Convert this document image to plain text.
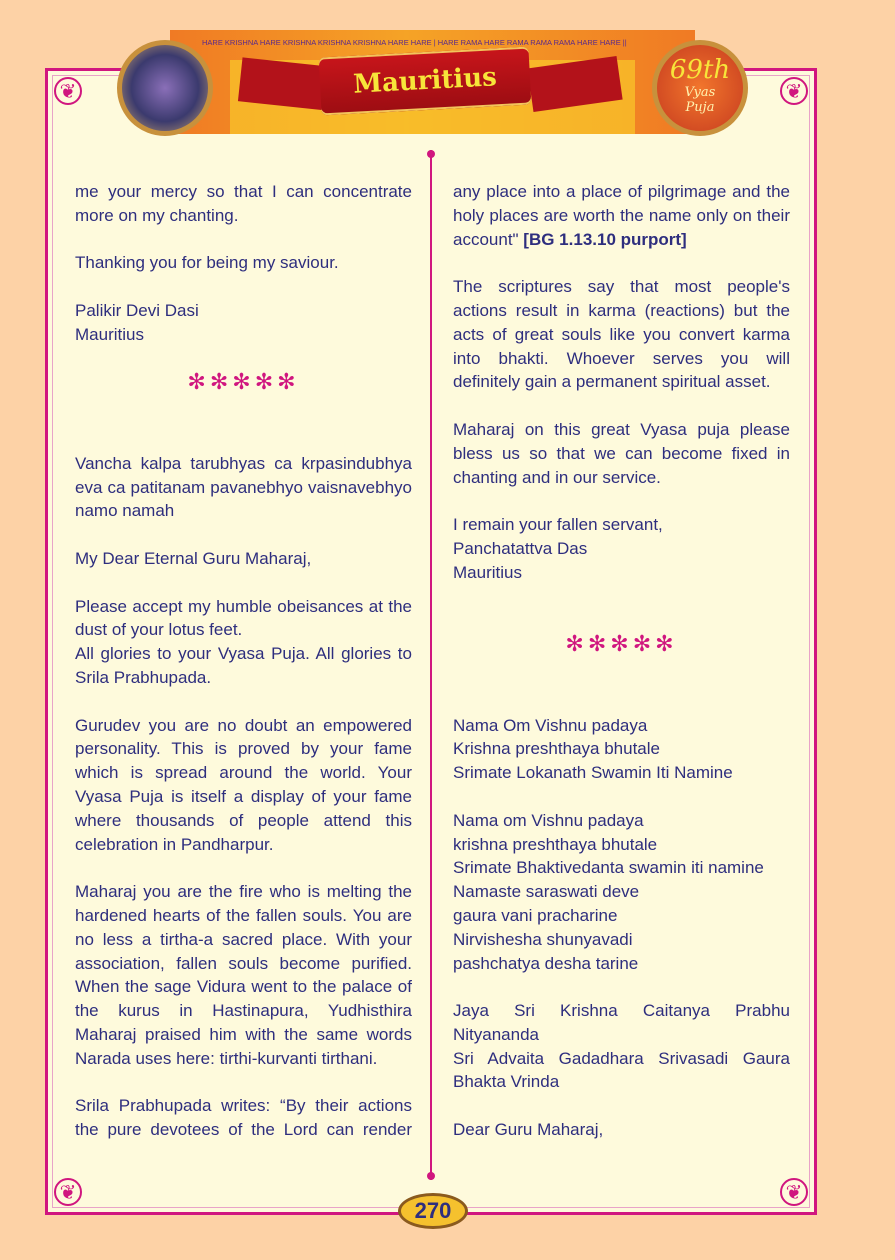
❦	❦
❦	❦
HARE KRISHNA HARE KRISHNA KRISHNA KRISHNA HARE HARE | HARE RAMA HARE RAMA RAMA RAMA HARE HARE ||
Mauritius	69th
Vyas
Puja
me your mercy so that I can concentrate
more on my chanting.
Thanking you for being my saviour.
Palikir Devi Dasi
Mauritius
✻✻✻✻✻
Vancha kalpa tarubhyas ca krpasindubhya
eva ca patitanam pavanebhyo vaisnavebhyo
namo namah
My Dear Eternal Guru Maharaj,
Please accept my humble obeisances at the
dust of your lotus feet.
All glories to your Vyasa Puja. All glories to
Srila Prabhupada.
Gurudev you are no doubt an empowered
personality. This is proved by your fame
which is spread around the world. Your
Vyasa Puja is itself a display of your fame
where thousands of people attend this
celebration in Pandharpur.
Maharaj you are the fire who is melting the
hardened hearts of the fallen souls. You are
no less a tirtha-a sacred place. With your
association, fallen souls become purified.
When the sage Vidura went to the palace of
the kurus in Hastinapura, Yudhisthira
Maharaj praised him with the same words
Narada uses here: tirthi-kurvanti tirthani.
Srila Prabhupada writes: “By their actions
the pure devotees of the Lord can render
any place into a place of pilgrimage and the
holy places are worth the name only on their
account" [BG 1.13.10 purport]
The scriptures say that most people's
actions result in karma (reactions) but the
acts of great souls like you convert karma
into bhakti. Whoever serves you will
definitely gain a permanent spiritual asset.
Maharaj on this great Vyasa puja please
bless us so that we can become fixed in
chanting and in our service.
I remain your fallen servant,
Panchatattva Das
Mauritius
✻✻✻✻✻
Nama Om Vishnu padaya
Krishna preshthaya bhutale
Srimate Lokanath Swamin Iti Namine
Nama om Vishnu padaya
krishna preshthaya bhutale
Srimate Bhaktivedanta swamin iti namine
Namaste saraswati deve
gaura vani pracharine
Nirvishesha shunyavadi
pashchatya desha tarine
Jaya Sri Krishna Caitanya Prabhu
Nityananda
Sri Advaita Gadadhara Srivasadi Gaura
Bhakta Vrinda
Dear Guru Maharaj,
270
